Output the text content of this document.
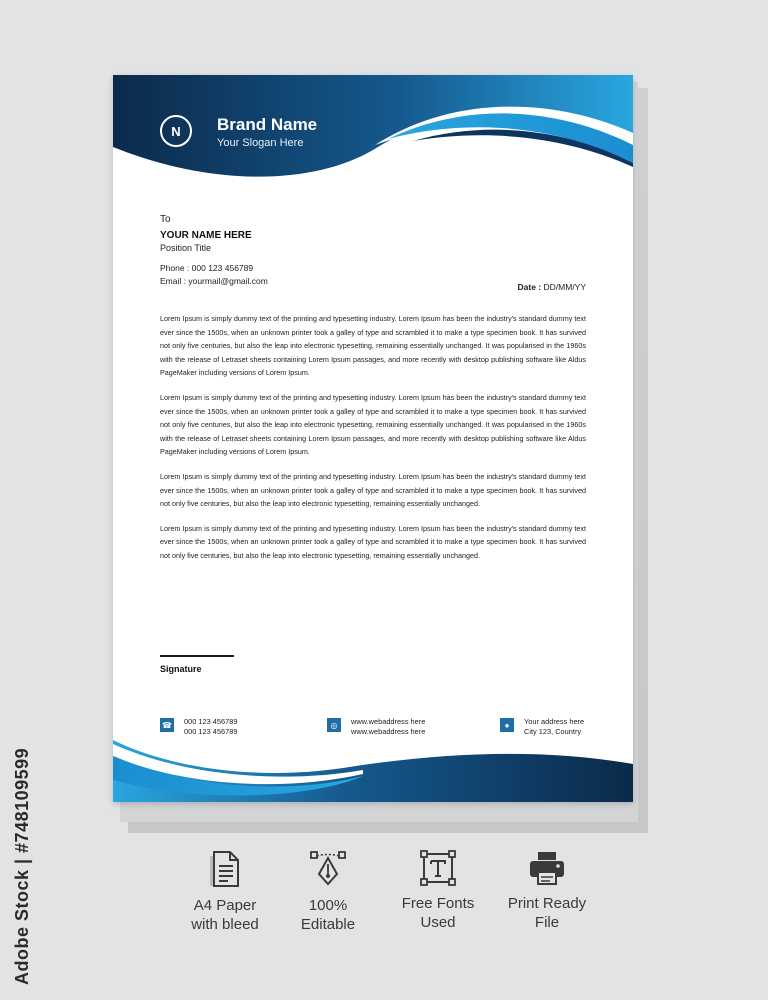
N Brand Name
Your Slogan Here
To
YOUR NAME HERE
Position Title
Phone : 000 123 456789
Email : yourmail@gmail.com
Date : DD/MM/YY

Lorem Ipsum is simply dummy text of the printing and typesetting industry. Lorem Ipsum has been the industry's standard dummy text ever since the 1500s, when an unknown printer took a galley of type and scrambled it to make a type specimen book. It has survived not only five centuries, but also the leap into electronic typesetting, remaining essentially unchanged. It was popularised in the 1960s with the release of Letraset sheets containing Lorem Ipsum passages, and more recently with desktop publishing software like Aldus PageMaker including versions of Lorem Ipsum.

Lorem Ipsum is simply dummy text of the printing and typesetting industry. Lorem Ipsum has been the industry's standard dummy text ever since the 1500s, when an unknown printer took a galley of type and scrambled it to make a type specimen book. It has survived not only five centuries, but also the leap into electronic typesetting, remaining essentially unchanged. It was popularised in the 1960s with the release of Letraset sheets containing Lorem Ipsum passages, and more recently with desktop publishing software like Aldus PageMaker including versions of Lorem Ipsum.

Lorem Ipsum is simply dummy text of the printing and typesetting industry. Lorem Ipsum has been the industry's standard dummy text ever since the 1500s, when an unknown printer took a galley of type and scrambled it to make a type specimen book. It has survived not only five centuries, but also the leap into electronic typesetting, remaining essentially unchanged.

Lorem Ipsum is simply dummy text of the printing and typesetting industry. Lorem Ipsum has been the industry's standard dummy text ever since the 1500s, when an unknown printer took a galley of type and scrambled it to make a type specimen book. It has survived not only five centuries, but also the leap into electronic typesetting, remaining essentially unchanged.

Signature
☎ 000 123 456789
000 123 456789
◎	www.webaddress here
www.webaddress here
●	Your address here
City 123, Country
A4 Paper
with bleed
100%
Editable
Free Fonts
Used
Print Ready
File
Adobe Stock | #748109599
